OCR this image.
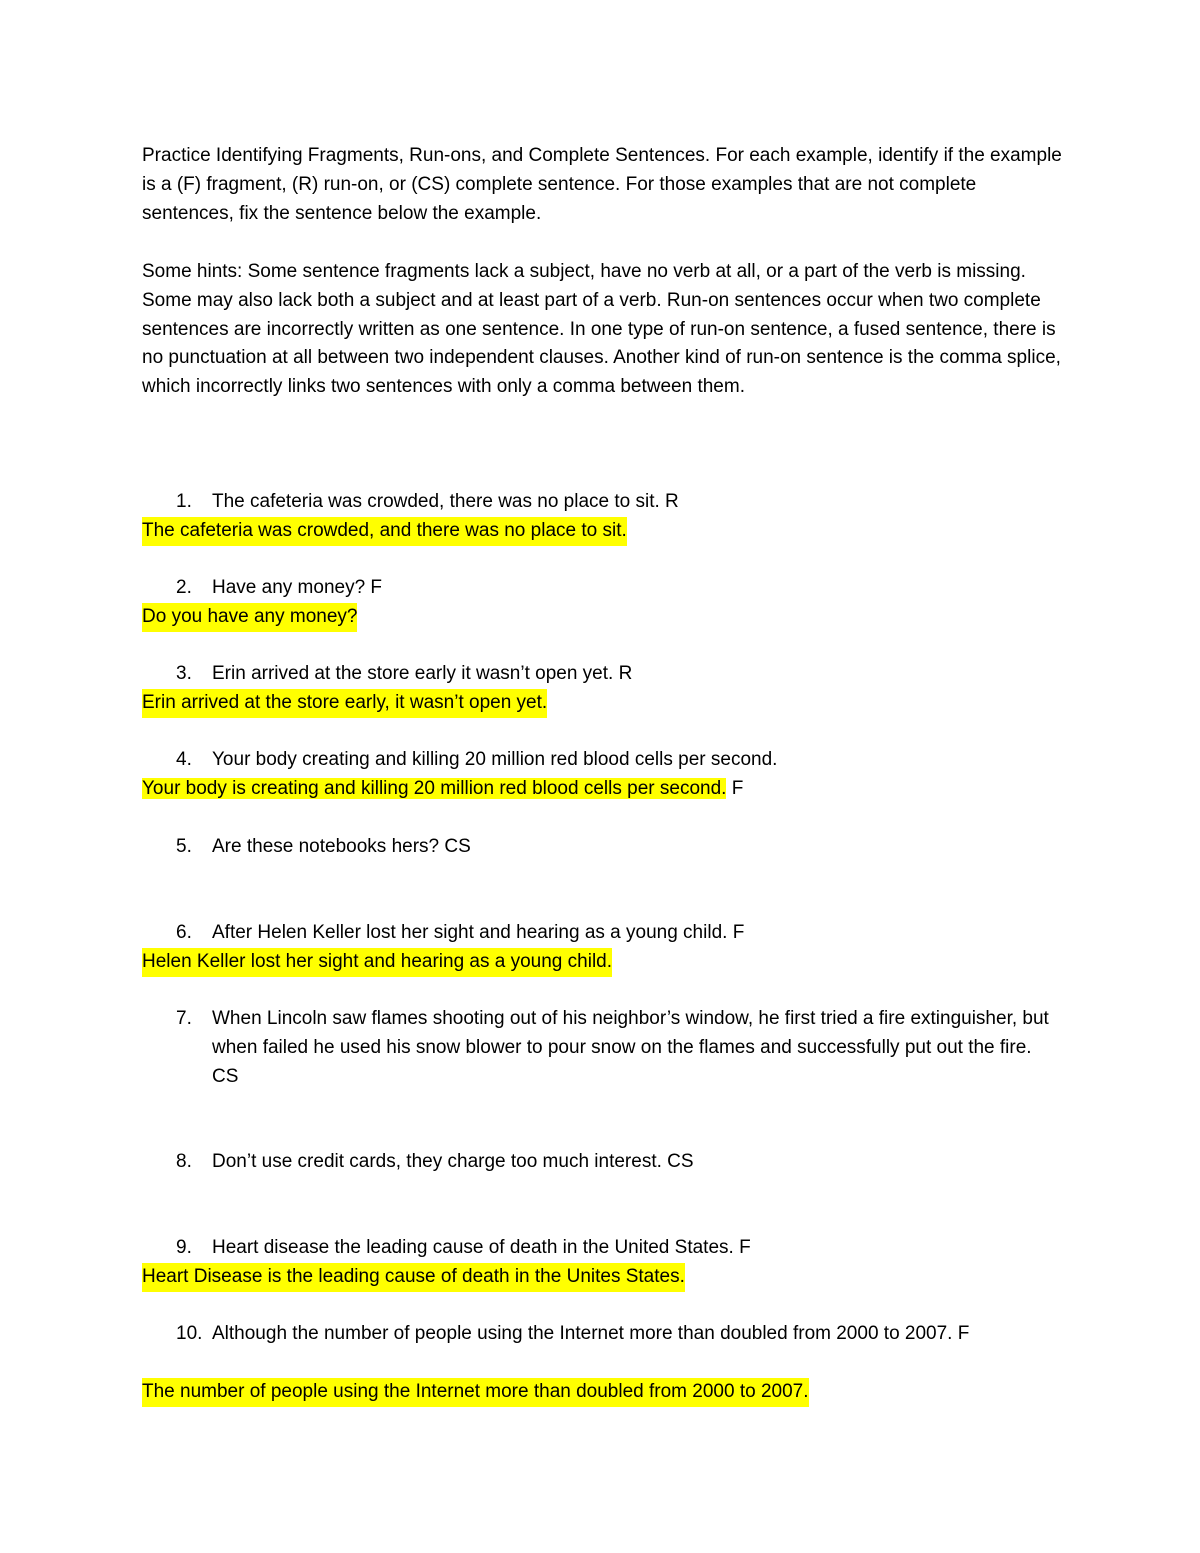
Practice Identifying Fragments, Run-ons, and Complete Sentences. For each example, identify if the example is a (F) fragment, (R) run-on, or (CS) complete sentence. For those examples that are not complete sentences, fix the sentence below the example.

Some hints: Some sentence fragments lack a subject, have no verb at all, or a part of the verb is missing. Some may also lack both a subject and at least part of a verb. Run-on sentences occur when two complete sentences are incorrectly written as one sentence. In one type of run-on sentence, a fused sentence, there is no punctuation at all between two independent clauses. Another kind of run-on sentence is the comma splice, which incorrectly links two sentences with only a comma between them.

1. The cafeteria was crowded, there was no place to sit. R
The cafeteria was crowded, and there was no place to sit.
2. Have any money? F
Do you have any money?
3. Erin arrived at the store early it wasn’t open yet. R
Erin arrived at the store early, it wasn’t open yet.
4. Your body creating and killing 20 million red blood cells per second.
Your body is creating and killing 20 million red blood cells per second. F
5. Are these notebooks hers? CS
6. After Helen Keller lost her sight and hearing as a young child. F
Helen Keller lost her sight and hearing as a young child.
7. When Lincoln saw flames shooting out of his neighbor’s window, he first tried a fire extinguisher, but when failed he used his snow blower to pour snow on the flames and successfully put out the fire. CS
8. Don’t use credit cards, they charge too much interest. CS
9. Heart disease the leading cause of death in the United States. F
Heart Disease is the leading cause of death in the Unites States.
10. Although the number of people using the Internet more than doubled from 2000 to 2007. F
The number of people using the Internet more than doubled from 2000 to 2007.
